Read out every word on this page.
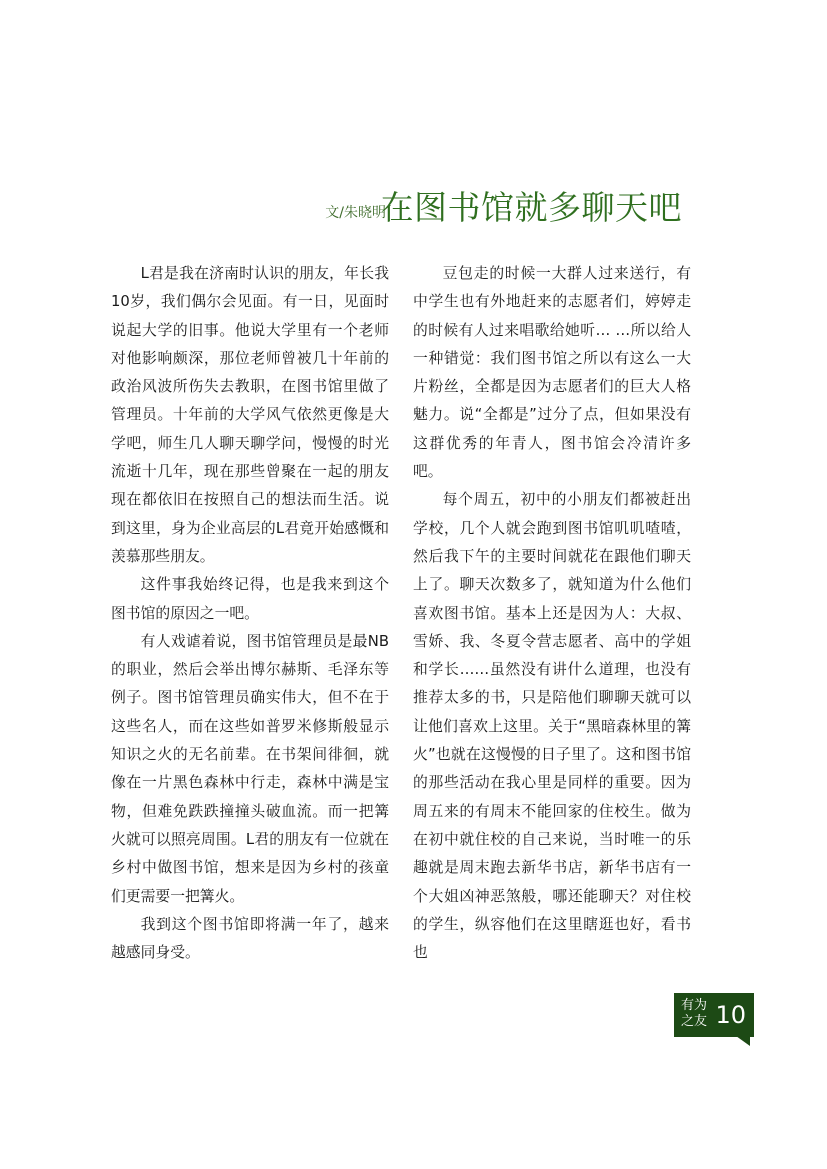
文/朱晓明
在图书馆就多聊天吧

L君是我在济南时认识的朋友，年长我10岁，我们偶尔会见面。有一日，见面时说起大学的旧事。他说大学里有一个老师对他影响颇深，那位老师曾被几十年前的政治风波所伤失去教职，在图书馆里做了管理员。十年前的大学风气依然更像是大学吧，师生几人聊天聊学问，慢慢的时光流逝十几年，现在那些曾聚在一起的朋友现在都依旧在按照自己的想法而生活。说到这里，身为企业高层的L君竟开始感慨和羡慕那些朋友。

这件事我始终记得，也是我来到这个图书馆的原因之一吧。

有人戏谑着说，图书馆管理员是最NB的职业，然后会举出博尔赫斯、毛泽东等例子。图书馆管理员确实伟大，但不在于这些名人，而在这些如普罗米修斯般显示知识之火的无名前辈。在书架间徘徊，就像在一片黑色森林中行走，森林中满是宝物，但难免跌跌撞撞头破血流。而一把篝火就可以照亮周围。L君的朋友有一位就在乡村中做图书馆，想来是因为乡村的孩童们更需要一把篝火。

我到这个图书馆即将满一年了，越来越感同身受。

豆包走的时候一大群人过来送行，有中学生也有外地赶来的志愿者们，婷婷走的时候有人过来唱歌给她听… …所以给人一种错觉：我们图书馆之所以有这么一大片粉丝，全都是因为志愿者们的巨大人格魅力。说“全都是”过分了点，但如果没有这群优秀的年青人，图书馆会冷清许多吧。

每个周五，初中的小朋友们都被赶出学校，几个人就会跑到图书馆叽叽喳喳，然后我下午的主要时间就花在跟他们聊天上了。聊天次数多了，就知道为什么他们喜欢图书馆。基本上还是因为人：大叔、雪娇、我、冬夏令营志愿者、高中的学姐和学长……虽然没有讲什么道理，也没有推荐太多的书，只是陪他们聊聊天就可以让他们喜欢上这里。关于“黑暗森林里的篝火”也就在这慢慢的日子里了。这和图书馆的那些活动在我心里是同样的重要。因为周五来的有周末不能回家的住校生。做为在初中就住校的自己来说，当时唯一的乐趣就是周末跑去新华书店，新华书店有一个大姐凶神恶煞般，哪还能聊天？对住校的学生，纵容他们在这里瞎逛也好，看书也

有为之友 10
